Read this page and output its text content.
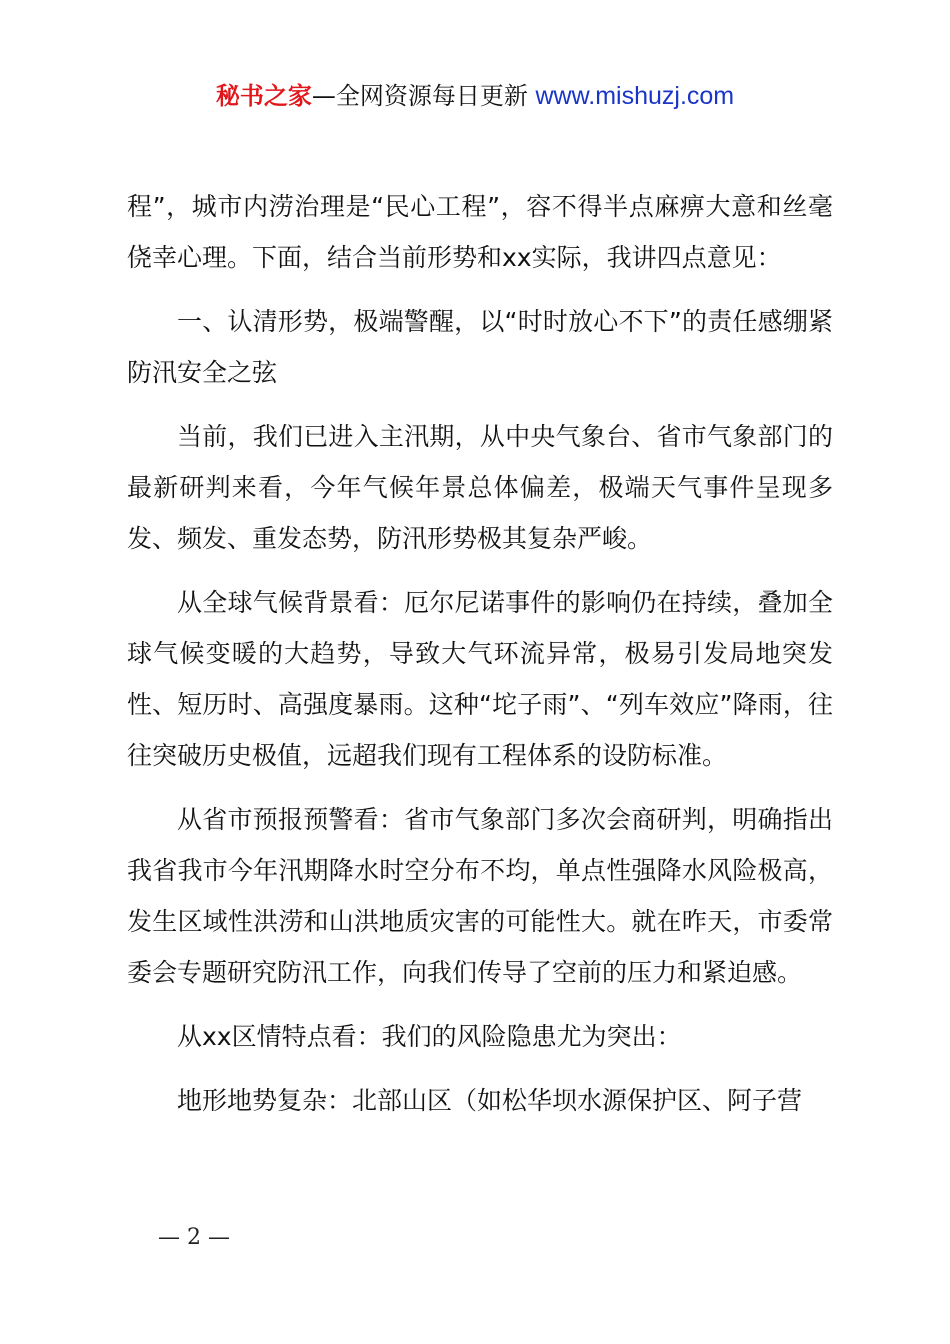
秘书之家—全网资源每日更新 www.mishuzj.com

程”，城市内涝治理是“民心工程”，容不得半点麻痹大意和丝毫侥幸心理。下面，结合当前形势和xx实际，我讲四点意见：

一、认清形势，极端警醒，以“时时放心不下”的责任感绷紧防汛安全之弦

当前，我们已进入主汛期，从中央气象台、省市气象部门的最新研判来看，今年气候年景总体偏差，极端天气事件呈现多发、频发、重发态势，防汛形势极其复杂严峻。

从全球气候背景看：厄尔尼诺事件的影响仍在持续，叠加全球气候变暖的大趋势，导致大气环流异常，极易引发局地突发性、短历时、高强度暴雨。这种“坨子雨”、“列车效应”降雨，往往突破历史极值，远超我们现有工程体系的设防标准。

从省市预报预警看：省市气象部门多次会商研判，明确指出我省我市今年汛期降水时空分布不均，单点性强降水风险极高，发生区域性洪涝和山洪地质灾害的可能性大。就在昨天，市委常委会专题研究防汛工作，向我们传导了空前的压力和紧迫感。

从xx区情特点看：我们的风险隐患尤为突出：

地形地势复杂：北部山区（如松华坝水源保护区、阿子营

— 2 —
